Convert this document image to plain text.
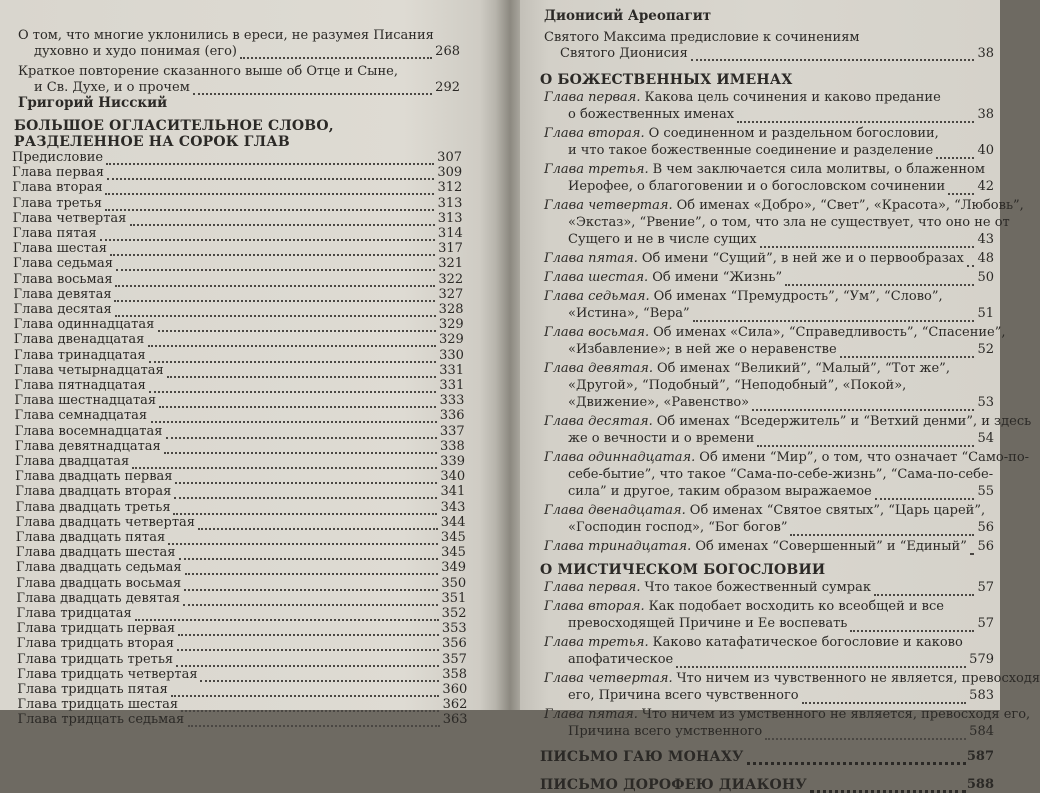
О том, что многие уклонились в ереси, не разумея Писания
духовно и худо понимая (его)	268
Краткое повторение сказанного выше об Отце и Сыне,
и Св. Духе, и о прочем	292
Григорий Нисский
БОЛЬШОЕ ОГЛАСИТЕЛЬНОЕ СЛОВО,
РАЗДЕЛЕННОЕ НА СОРОК ГЛАВ
Предисловие	307
Глава первая	309
Глава вторая	312
Глава третья	313
Глава четвертая	313
Глава пятая	314
Глава шестая	317
Глава седьмая	321
Глава восьмая	322
Глава девятая	327
Глава десятая	328
Глава одиннадцатая	329
Глава двенадцатая	329
Глава тринадцатая	330
Глава четырнадцатая	331
Глава пятнадцатая	331
Глава шестнадцатая	333
Глава семнадцатая	336
Глава восемнадцатая	337
Глава девятнадцатая	338
Глава двадцатая	339
Глава двадцать первая	340
Глава двадцать вторая	341
Глава двадцать третья	343
Глава двадцать четвертая	344
Глава двадцать пятая	345
Глава двадцать шестая	345
Глава двадцать седьмая	349
Глава двадцать восьмая	350
Глава двадцать девятая	351
Глава тридцатая	352
Глава тридцать первая	353
Глава тридцать вторая	356
Глава тридцать третья	357
Глава тридцать четвертая	358
Глава тридцать пятая	360
Глава тридцать шестая	362
Глава тридцать седьмая	363
Дионисий Ареопагит
Святого Максима предисловие к сочинениям
Святого Дионисия	38
О БОЖЕСТВЕННЫХ ИМЕНАХ
Глава первая. Какова цель сочинения и каково предание
о божественных именах	38
Глава вторая. О соединенном и раздельном богословии,
и что такое божественные соединение и разделение	40
Глава третья. В чем заключается сила молитвы, о блаженном
Иерофее, о благоговении и о богословском сочинении 42
Глава четвертая. Об именах «Добро», “Свет”, «Красота», “Любовь”,
«Экстаз», “Рвение”, о том, что зла не существует, что оно не от
Сущего и не в числе сущих	43
Глава пятая. Об имени “Сущий”, в ней же и о первообразах 48
Глава шестая. Об имени “Жизнь”	50
Глава седьмая. Об именах “Премудрость”, “Ум”, “Слово”,
«Истина», “Вера”	51
Глава восьмая. Об именах «Сила», “Справедливость”, “Спасение”,
«Избавление»; в ней же о неравенстве	52
Глава девятая. Об именах “Великий”, “Малый”, “Тот же”,
«Другой», “Подобный”, “Неподобный”, «Покой»,
«Движение», «Равенство»	53
Глава десятая. Об именах “Вседержитель” и “Ветхий денми”, и здесь
же о вечности и о времени	54
Глава одиннадцатая. Об имени “Мир”, о том, что означает “Само-по-
себе-бытие”, что такое “Сама-по-себе-жизнь”, “Сама-по-себе-
сила” и другое, таким образом выражаемое	55
Глава двенадцатая. Об именах “Святое святых”, “Царь царей”,
«Господин господ», “Бог богов”	56
Глава тринадцатая. Об именах “Совершенный” и “Единый” 56
О МИСТИЧЕСКОМ БОГОСЛОВИИ
Глава первая. Что такое божественный сумрак	57
Глава вторая. Как подобает восходить ко всеобщей и все
превосходящей Причине и Ее воспевать	57
Глава третья. Каково катафатическое богословие и каково
апофатическое	579
Глава четвертая. Что ничем из чувственного не является, превосходя
его, Причина всего чувственного	583
Глава пятая. Что ничем из умственного не является, превосходя его,
Причина всего умственного	584
ПИСЬМО ГАЮ МОНАХУ	587
ПИСЬМО ДОРОФЕЮ ДИАКОНУ	588
